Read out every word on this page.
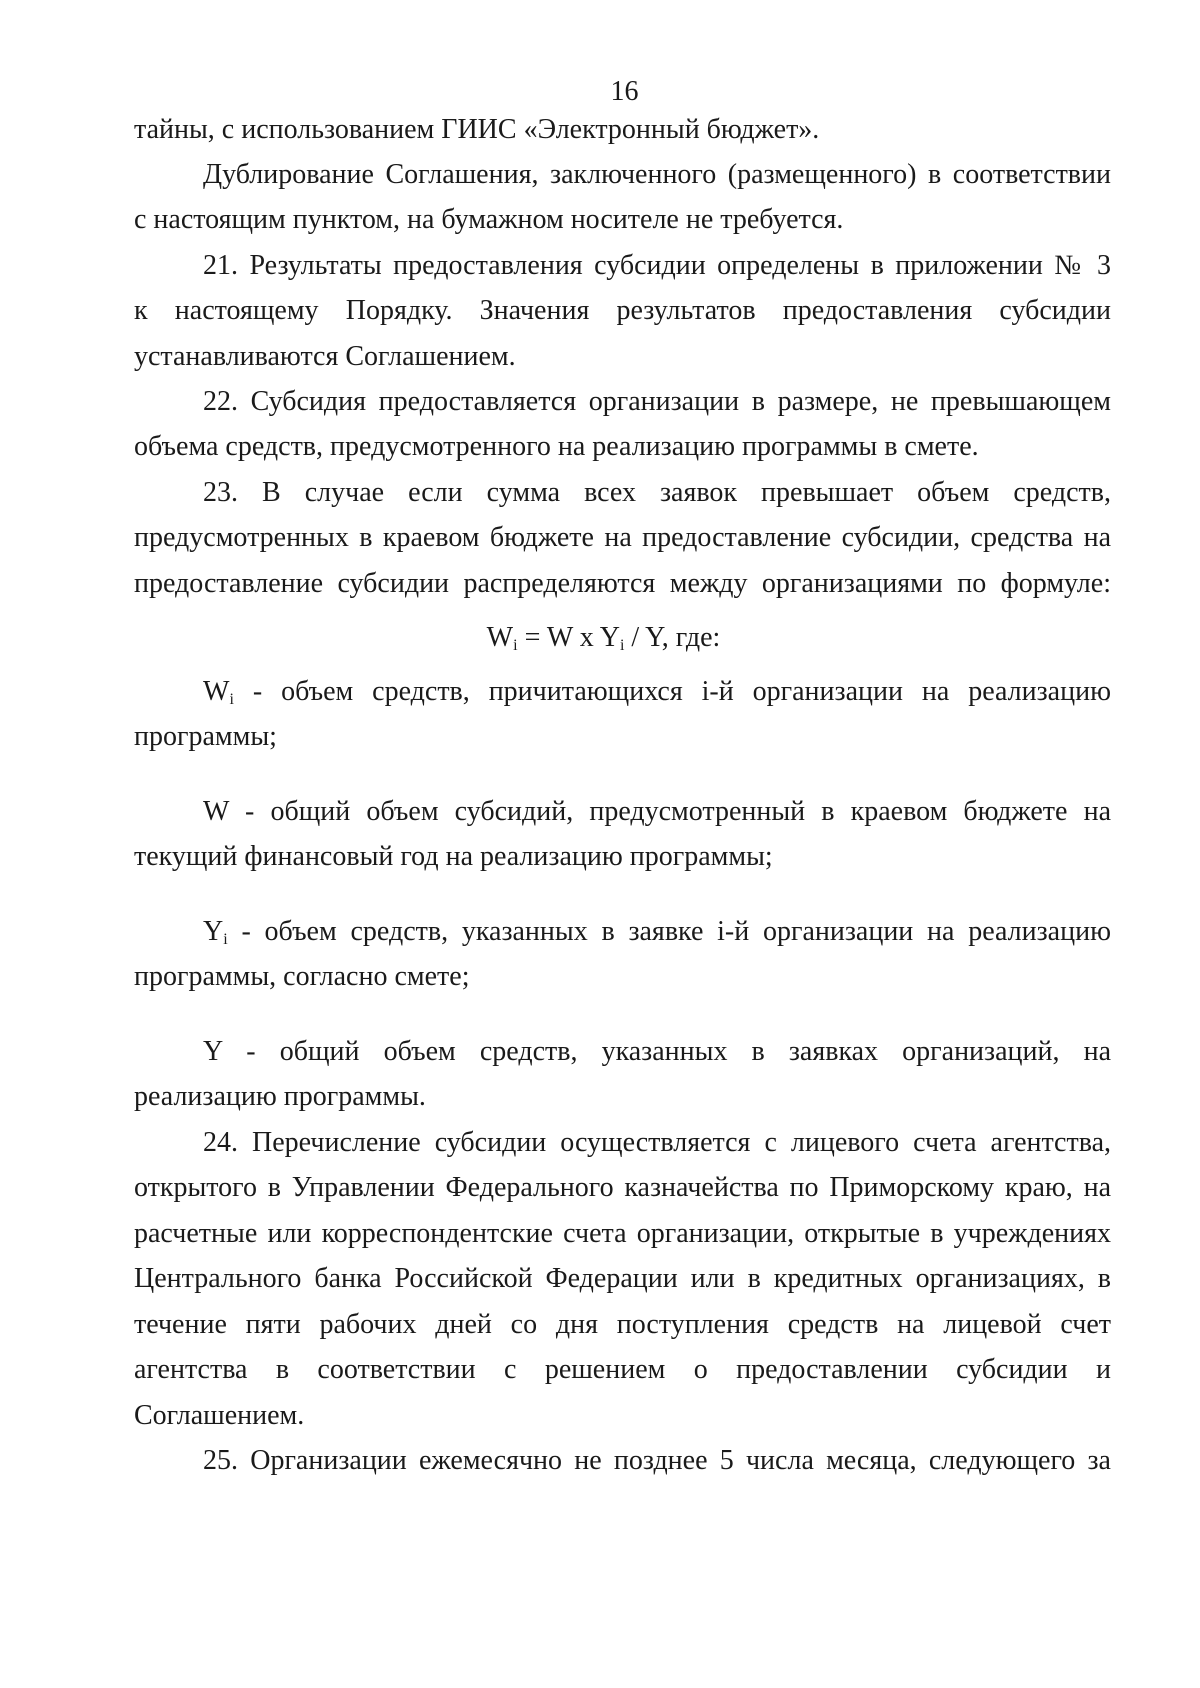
16
тайны, с использованием ГИИС «Электронный бюджет».
Дублирование Соглашения, заключенного (размещенного) в соответствии
с настоящим пунктом, на бумажном носителе не требуется.
21. Результаты предоставления субсидии определены в приложении № 3
к настоящему Порядку. Значения результатов предоставления субсидии
устанавливаются Соглашением.
22. Субсидия предоставляется организации в размере, не превышающем
объема средств, предусмотренного на реализацию программы в смете.
23. В случае если сумма всех заявок превышает объем средств,
предусмотренных в краевом бюджете на предоставление субсидии, средства на
предоставление субсидии распределяются между организациями по формуле:
$W_i = W$ x $Y_i$ / Y, где:
$W_i$ - объем средств, причитающихся i-й организации на реализацию
программы;
W - общий объем субсидий, предусмотренный в краевом бюджете на
текущий финансовый год на реализацию программы;
$Y_i$ - объем средств, указанных в заявке i-й организации на реализацию
программы, согласно смете;
Y - общий объем средств, указанных в заявках организаций, на
реализацию программы.
24. Перечисление субсидии осуществляется с лицевого счета агентства,
открытого в Управлении Федерального казначейства по Приморскому краю, на
расчетные или корреспондентские счета организации, открытые в учреждениях
Центрального банка Российской Федерации или в кредитных организациях, в
течение пяти рабочих дней со дня поступления средств на лицевой счет
агентства в соответствии с решением о предоставлении субсидии и
Соглашением.
25. Организации ежемесячно не позднее 5 числа месяца, следующего за
